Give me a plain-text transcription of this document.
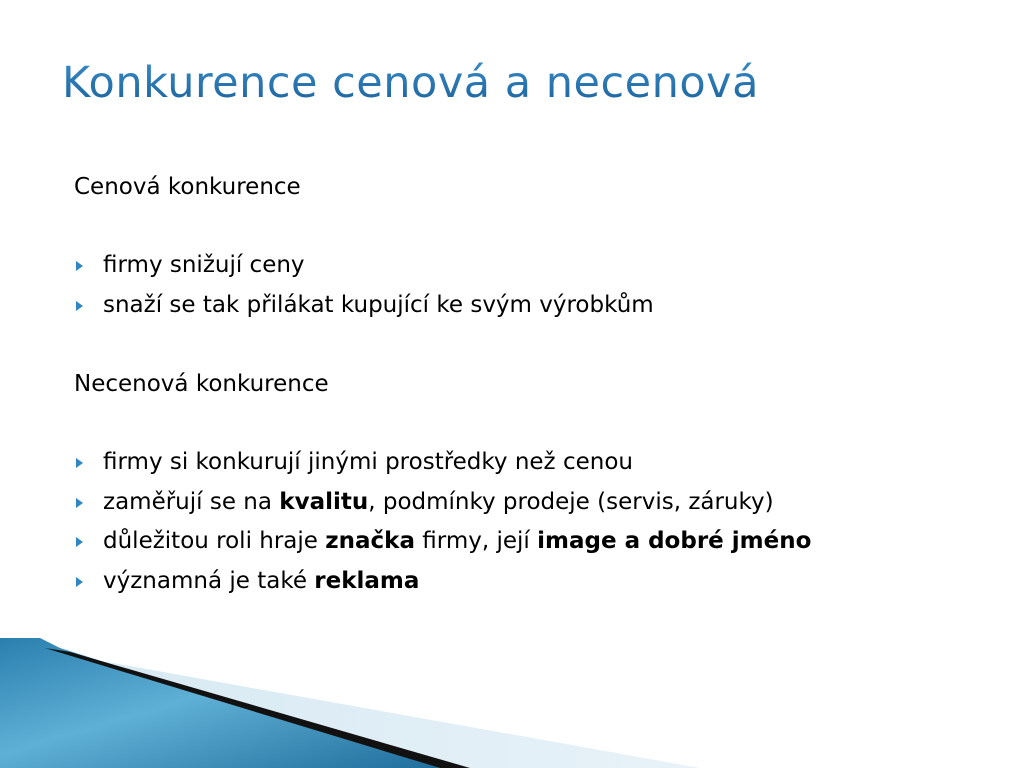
Konkurence cenová a necenová
Cenová konkurence
firmy snižují ceny
snaží se tak přilákat kupující ke svým výrobkům
Necenová konkurence
firmy si konkurují jinými prostředky než cenou
zaměřují se na kvalitu, podmínky prodeje (servis, záruky)
důležitou roli hraje značka firmy, její image a dobré jméno
významná je také reklama
